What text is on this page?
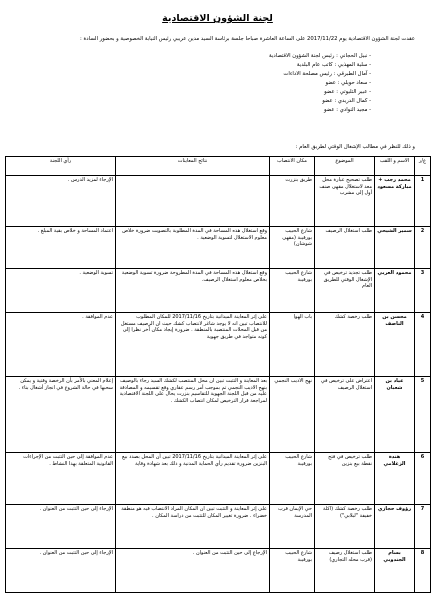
لجنة الشؤون الاقتصادية
عقدت لجنة الشؤون الاقتصادية يوم 2017/11/22 على الساعة العاشرة صباحا جلسة برئاسة السيد مدين عريبي رئيس النيابة الخصوصية و بحضور السادة :
- نبيل الحجاني : رئيس لجنة الشؤون الاقتصادية
- سلية المهذبي : كاتب عام البلدية
- آمال الطبرقي : رئيس مصلحة الاداءات
- سعاد حويلي : عضو
- عبير التليوتي : عضو
- كمال الدريدي : عضو
- مجيد النوادي : عضو
و ذلك للنظر في مطالب الإشغال الوقتي لطريق العام :
ع/ر	الاسم و اللقب	الموضوع	مكان الانتصاب	نتائج المعاينات	رأي اللجنة
1	محمد رجب + مباركة مسعود	طلب تصحيح عبارة محل معد لاستغلال مقهى صنف أول إلى مشرب	طريق بنزرت		الإرجاء لمزيد الدرس .
2	سمير الشيحي	طلب استغلال الرصيف	شارع الحبيب بورقيبة (مقهى شوشان)	وقع استغلال هذه المساحة في المدة المطلوبة بالتصويت ضرورة خلاص معلوم الاستغلال لتسوية الوضعية .	اعتماد المساحة و خلاص بقية المبلغ .
3	محمود العربي	طلب تجديد ترخيص في الإشغال الوقتي للطريق العام	شارع الحبيب بورقيبة	وقع استغلال هذه المساحة في المدة المطروحة ضرورة تسوية الوضعية بخلاص معلوم استغلال الرصيف.	تسوية الوضعية .
4	محسن بن الناصف	طلب رخصة كشك	باب الهوا	على إثر المعاينة الميدانية بتاريخ 2017/11/16 للمكان المطلوب للانتصاب تبين انه لا يوجد شاغر لانتصاب كشك حيث ان الرصيف مستغل من قبل المحلات المنتصبة بالمنطقة . ضرورة إيجاد مكان آخر نظرا إلى كونه متواجد في طريق جهوية	عدم الموافقة .
5	عياد بن شعبان	اعتراض على ترخيص في استغلال الرصيف	نهج الاديب النجمي	بعد المعاينة و التثبت تبين ان محل المنتصب لكشك السيد رجاء بالوصيف بنهج الاديب النجمي تم بموجب أمر رسم عقاري وقع تقسيمه و المصادقة عليه من قبل اللجنة الجهوية للتقاسيم بنزرت يحال على اللجنة الاقتصادية لمراجعة قرار الترخيص لمكان انتصاب الكشك .	إعلام المعني بالأمر بأن الرخصة وقتية و يمكن سحبها في حالة الشروع في انجاز أشغال بناء .
6	هندة الزغلامي	طلب ترخيص في فتح نقطة بيع بنزين	شارع الحبيب بورقيبة	على إثر المعاينة الميدانية بتاريخ 2017/11/16 تبين أن المحل بصدد بيع البنزين ضرورة تقديم رأي الحماية المدنية و ذلك بعد شهادة وقاية	عدم الموافقة إلى حين التثبت من الإجراءات القانونية المتعلقة بهذا النشاط .
7	رؤوف حجازي	طلب رخصة كشك (اكلة خفيفة "لبلابي")	حي الإيمان قرب المدرسة	على إثر المعاينة و التثبت تبين ان المكان المراد الانتصاب فيه هو منطقة خضراء . ضرورة تغيير المكان للتثبت من دراسة المكان .	الإرجاء إلى حين التثبت من العنوان .
8	بسام الجندوبي	طلب استغلال رصيف (قرب محله التجاري)	شارع الحبيب بورقيبة	الإرجاع إلى حين التثبت من العنوان .	الإرجاء إلى حين التثبت من العنوان .
